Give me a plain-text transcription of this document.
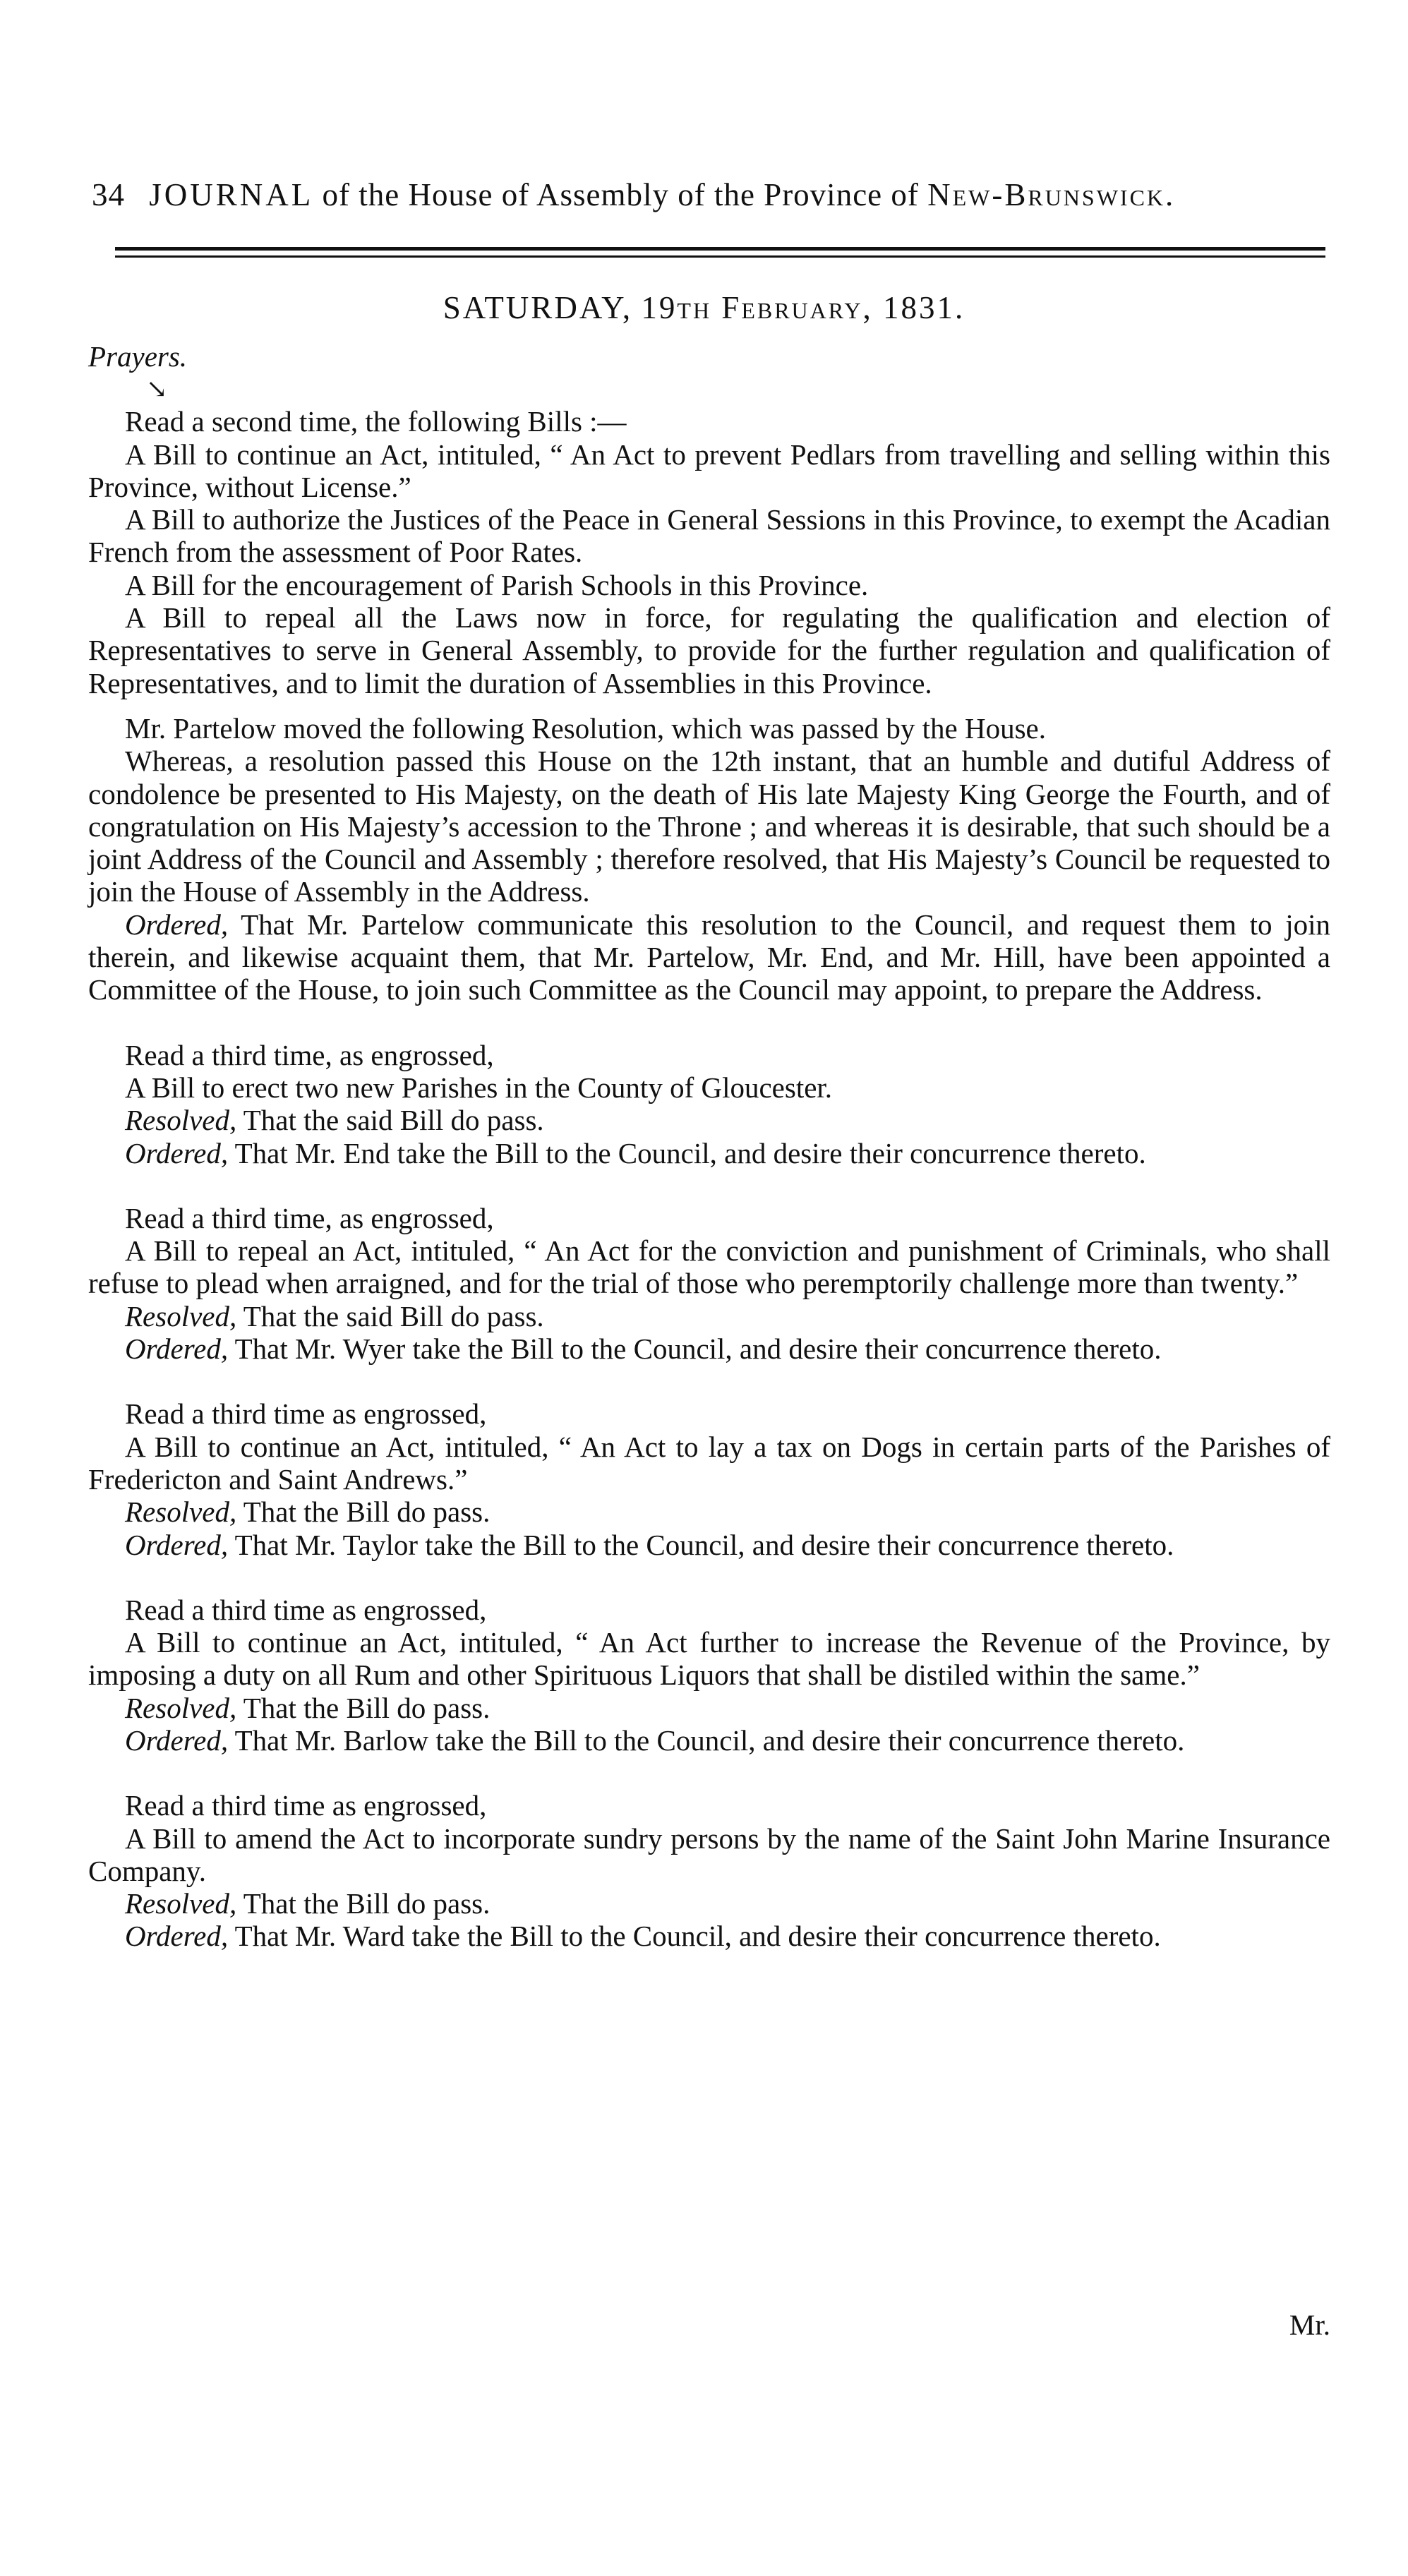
34 JOURNAL of the House of Assembly of the Province of New-Brunswick.
SATURDAY, 19th February, 1831.

Prayers.

↘

Read a second time, the following Bills :—

A Bill to continue an Act, intituled, “ An Act to prevent Pedlars from travelling and selling within this Province, without License.”

A Bill to authorize the Justices of the Peace in General Sessions in this Province, to exempt the Acadian French from the assessment of Poor Rates.

A Bill for the encouragement of Parish Schools in this Province.

A Bill to repeal all the Laws now in force, for regulating the qualification and election of Representatives to serve in General Assembly, to provide for the further regulation and qualification of Representatives, and to limit the duration of Assemblies in this Province.

Mr. Partelow moved the following Resolution, which was passed by the House.

Whereas, a resolution passed this House on the 12th instant, that an humble and dutiful Address of condolence be presented to His Majesty, on the death of His late Majesty King George the Fourth, and of congratulation on His Majesty’s accession to the Throne ; and whereas it is desirable, that such should be a joint Address of the Council and Assembly ; therefore resolved, that His Majesty’s Council be requested to join the House of Assembly in the Address.

Ordered, That Mr. Partelow communicate this resolution to the Council, and request them to join therein, and likewise acquaint them, that Mr. Partelow, Mr. End, and Mr. Hill, have been appointed a Committee of the House, to join such Committee as the Council may appoint, to prepare the Address.

Read a third time, as engrossed,

A Bill to erect two new Parishes in the County of Gloucester.

Resolved, That the said Bill do pass.

Ordered, That Mr. End take the Bill to the Council, and desire their concurrence thereto.

Read a third time, as engrossed,

A Bill to repeal an Act, intituled, “ An Act for the conviction and punishment of Criminals, who shall refuse to plead when arraigned, and for the trial of those who peremptorily challenge more than twenty.”

Resolved, That the said Bill do pass.

Ordered, That Mr. Wyer take the Bill to the Council, and desire their concurrence thereto.

Read a third time as engrossed,

A Bill to continue an Act, intituled, “ An Act to lay a tax on Dogs in certain parts of the Parishes of Fredericton and Saint Andrews.”

Resolved, That the Bill do pass.

Ordered, That Mr. Taylor take the Bill to the Council, and desire their concurrence thereto.

Read a third time as engrossed,

A Bill to continue an Act, intituled, “ An Act further to increase the Revenue of the Province, by imposing a duty on all Rum and other Spirituous Liquors that shall be distiled within the same.”

Resolved, That the Bill do pass.

Ordered, That Mr. Barlow take the Bill to the Council, and desire their concurrence thereto.

Read a third time as engrossed,

A Bill to amend the Act to incorporate sundry persons by the name of the Saint John Marine Insurance Company.

Resolved, That the Bill do pass.

Ordered, That Mr. Ward take the Bill to the Council, and desire their concurrence thereto.

Mr.
